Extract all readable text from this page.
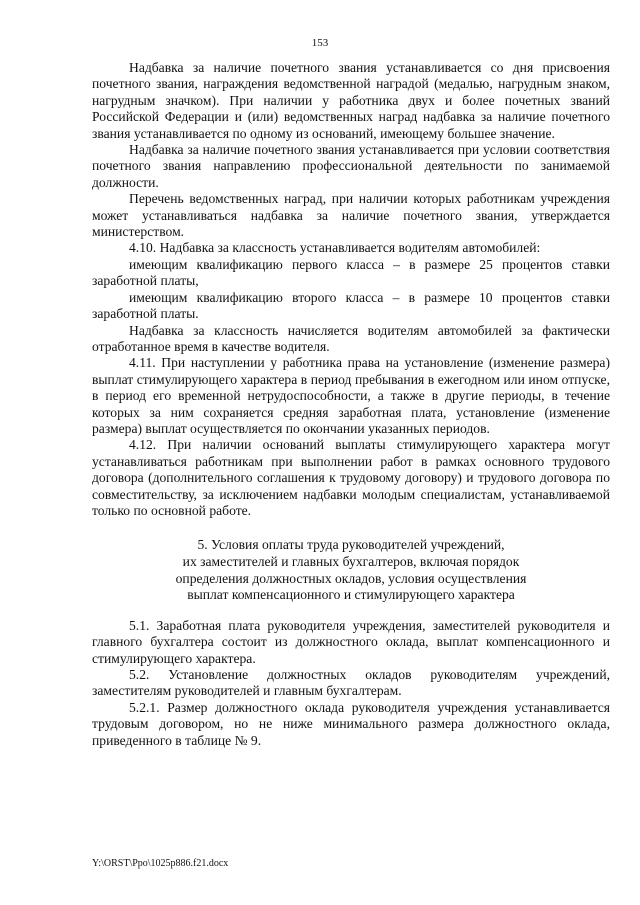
153

Надбавка за наличие почетного звания устанавливается со дня присвоения почетного звания, награждения ведомственной наградой (медалью, нагрудным знаком, нагрудным значком). При наличии у работника двух и более почетных званий Российской Федерации и (или) ведомственных наград надбавка за наличие почетного звания устанавливается по одному из оснований, имеющему большее значение.

Надбавка за наличие почетного звания устанавливается при условии соответствия почетного звания направлению профессиональной деятельности по занимаемой должности.

Перечень ведомственных наград, при наличии которых работникам учреждения может устанавливаться надбавка за наличие почетного звания, утверждается министерством.

4.10. Надбавка за классность устанавливается водителям автомобилей:

имеющим квалификацию первого класса – в размере 25 процентов ставки заработной платы,

имеющим квалификацию второго класса – в размере 10 процентов ставки заработной платы.

Надбавка за классность начисляется водителям автомобилей за фактически отработанное время в качестве водителя.

4.11. При наступлении у работника права на установление (изменение размера) выплат стимулирующего характера в период пребывания в ежегодном или ином отпуске, в период его временной нетрудоспособности, а также в другие периоды, в течение которых за ним сохраняется средняя заработная плата, установление (изменение размера) выплат осуществляется по окончании указанных периодов.

4.12. При наличии оснований выплаты стимулирующего характера могут устанавливаться работникам при выполнении работ в рамках основного трудового договора (дополнительного соглашения к трудовому договору) и трудового договора по совместительству, за исключением надбавки молодым специалистам, устанавливаемой только по основной работе.

5. Условия оплаты труда руководителей учреждений,
их заместителей и главных бухгалтеров, включая порядок
определения должностных окладов, условия осуществления
выплат компенсационного и стимулирующего характера

5.1. Заработная плата руководителя учреждения, заместителей руководителя и главного бухгалтера состоит из должностного оклада, выплат компенсационного и стимулирующего характера.

5.2. Установление должностных окладов руководителям учреждений, заместителям руководителей и главным бухгалтерам.

5.2.1. Размер должностного оклада руководителя учреждения устанавливается трудовым договором, но не ниже минимального размера должностного оклада, приведенного в таблице № 9.

Y:\ORST\Ppo\1025p886.f21.docx
